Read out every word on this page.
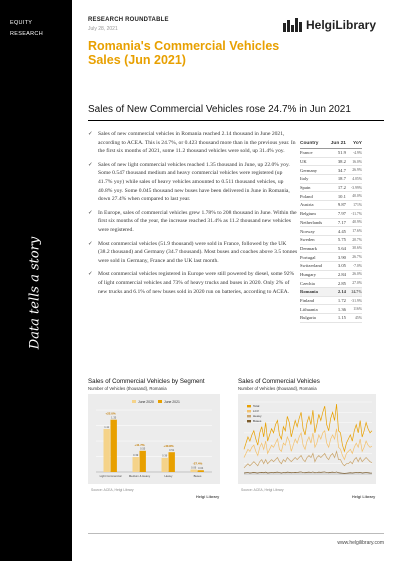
EQUITY
RESEARCH
Data tells a story
RESEARCH ROUNDTABLE
July 28, 2021
Romania's Commercial Vehicles Sales (Jun 2021)
HelgiLibrary
Sales of New Commercial Vehicles rose 24.7% in Jun 2021
✓ Sales of new commercial vehicles in Romania reached 2.14 thousand in June 2021, according to ACEA. This is 24.7%, or 0.423 thousand more than in the previous year. In the first six months of 2021, some 11.2 thousand vehicles were sold, up 31.4% yoy.
✓ Sales of new light commercial vehicles reached 1.35 thousand in June, up 22.0% yoy. Some 0.547 thousand medium and heavy commercial vehicles were registered (up 41.7% yoy) while sales of heavy vehicles amounted to 0.511 thousand vehicles, up 40.8% yoy. Some 0.045 thousand new buses have been delivered in June in Romania, down 27.4% when compared to last year.
✓ In Europe, sales of commercial vehicles grew 1.78% to 208 thousand in June. Within the first six months of the year, the increase reached 31.4% as 11.2 thousand new vehicles were registered.
✓ Most commercial vehicles (51.9 thousand) were sold in France, followed by the UK (38.2 thousand) and Germany (34.7 thousand). Most buses and coaches above 3.5 tonnes were sold in Germany, France and the UK last month.
✓ Most commercial vehicles registered in Europe were still powered by diesel, some 92% of light commercial vehicles and 73% of heavy trucks and buses in 2020. Only 2% of new trucks and 6.1% of new buses sold in 2020 run on batteries, according to ACEA.
Country	Jun 21	YoY
France	51.9	-4.9%
UK	38.2	16.0%
Germany	34.7	26.9%
Italy	18.7	4.05%
Spain	17.2	-3.99%
Poland	10.1	40.0%
Austria	9.87	171%
Belgium	7.97	-11.7%
Netherlands	7.17	40.9%
Norway	4.45	17.6%
Sweden	5.75	20.7%
Denmark	5.64	30.6%
Portugal	3.90	26.7%
Switzerland	3.05	-7.0%
Hungary	2.84	26.0%
Czechia	2.85	27.0%
Romania	2.14	24.7%
Finland	1.72	-31.9%
Lithuania	1.36	116%
Bulgaria	1.15	45%
Sales of Commercial Vehicles by Segment
Number of Vehicles (thousand), Romania
June 2020	June 2021
1.11
1.35
+22.0%
Light Commercial
0.39
0.55
+41.7%
Medium & Heavy
0.36
0.51
+40.8%
Heavy
0.06 0.04
-27.4%
Buses
Source: ACEA, Helgi Library
Helgi Library
Sales of Commercial Vehicles
Number of Vehicles (thousand), Romania
Total
LCV
Heavy
Buses
Source: ACEA, Helgi Library
Helgi Library
www.helgilibrary.com
